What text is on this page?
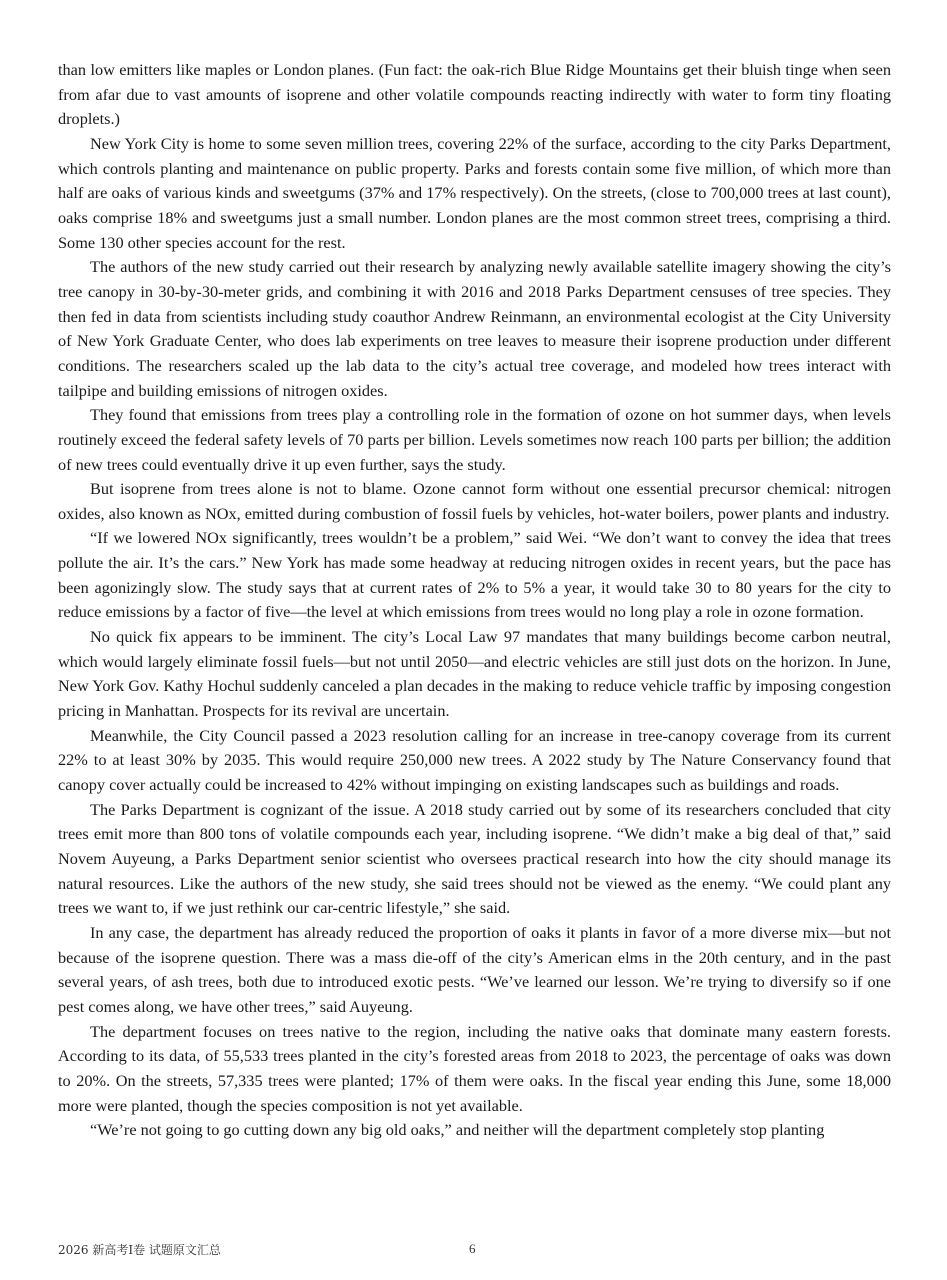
than low emitters like maples or London planes. (Fun fact: the oak-rich Blue Ridge Mountains get their bluish tinge when seen from afar due to vast amounts of isoprene and other volatile compounds reacting indirectly with water to form tiny floating droplets.)

New York City is home to some seven million trees, covering 22% of the surface, according to the city Parks Department, which controls planting and maintenance on public property. Parks and forests contain some five million, of which more than half are oaks of various kinds and sweetgums (37% and 17% respectively). On the streets, (close to 700,000 trees at last count), oaks comprise 18% and sweetgums just a small number. London planes are the most common street trees, comprising a third. Some 130 other species account for the rest.

The authors of the new study carried out their research by analyzing newly available satellite imagery showing the city’s tree canopy in 30-by-30-meter grids, and combining it with 2016 and 2018 Parks Department censuses of tree species. They then fed in data from scientists including study coauthor Andrew Reinmann, an environmental ecologist at the City University of New York Graduate Center, who does lab experiments on tree leaves to measure their isoprene production under different conditions. The researchers scaled up the lab data to the city’s actual tree coverage, and modeled how trees interact with tailpipe and building emissions of nitrogen oxides.

They found that emissions from trees play a controlling role in the formation of ozone on hot summer days, when levels routinely exceed the federal safety levels of 70 parts per billion. Levels sometimes now reach 100 parts per billion; the addition of new trees could eventually drive it up even further, says the study.

But isoprene from trees alone is not to blame. Ozone cannot form without one essential precursor chemical: nitrogen oxides, also known as NOx, emitted during combustion of fossil fuels by vehicles, hot-water boilers, power plants and industry.

“If we lowered NOx significantly, trees wouldn’t be a problem,” said Wei. “We don’t want to convey the idea that trees pollute the air. It’s the cars.” New York has made some headway at reducing nitrogen oxides in recent years, but the pace has been agonizingly slow. The study says that at current rates of 2% to 5% a year, it would take 30 to 80 years for the city to reduce emissions by a factor of five—the level at which emissions from trees would no long play a role in ozone formation.

No quick fix appears to be imminent. The city’s Local Law 97 mandates that many buildings become carbon neutral, which would largely eliminate fossil fuels—but not until 2050—and electric vehicles are still just dots on the horizon. In June, New York Gov. Kathy Hochul suddenly canceled a plan decades in the making to reduce vehicle traffic by imposing congestion pricing in Manhattan. Prospects for its revival are uncertain.

Meanwhile, the City Council passed a 2023 resolution calling for an increase in tree-canopy coverage from its current 22% to at least 30% by 2035. This would require 250,000 new trees. A 2022 study by The Nature Conservancy found that canopy cover actually could be increased to 42% without impinging on existing landscapes such as buildings and roads.

The Parks Department is cognizant of the issue. A 2018 study carried out by some of its researchers concluded that city trees emit more than 800 tons of volatile compounds each year, including isoprene. “We didn’t make a big deal of that,” said Novem Auyeung, a Parks Department senior scientist who oversees practical research into how the city should manage its natural resources. Like the authors of the new study, she said trees should not be viewed as the enemy. “We could plant any trees we want to, if we just rethink our car-centric lifestyle,” she said.

In any case, the department has already reduced the proportion of oaks it plants in favor of a more diverse mix—but not because of the isoprene question. There was a mass die-off of the city’s American elms in the 20th century, and in the past several years, of ash trees, both due to introduced exotic pests. “We’ve learned our lesson. We’re trying to diversify so if one pest comes along, we have other trees,” said Auyeung.

The department focuses on trees native to the region, including the native oaks that dominate many eastern forests. According to its data, of 55,533 trees planted in the city’s forested areas from 2018 to 2023, the percentage of oaks was down to 20%. On the streets, 57,335 trees were planted; 17% of them were oaks. In the fiscal year ending this June, some 18,000 more were planted, though the species composition is not yet available.

“We’re not going to go cutting down any big old oaks,” and neither will the department completely stop planting

2026 新高考I卷 试题原文汇总	6
